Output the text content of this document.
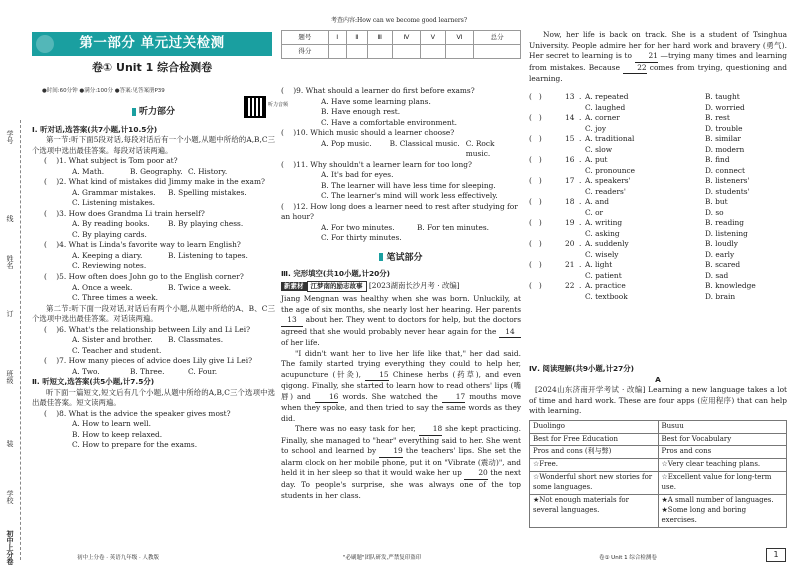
学号
线
姓名
订
班级
装
学校
初中上分卷
第一部分 单元过关检测
卷① Unit 1 综合检测卷
●时间:60分钟 ●满分:100分 ●答案:见答案册P39
听力音频
听力部分

Ⅰ. 听对话,选答案(共7小题,计10.5分)

第一节:听下面5段对话,每段对话后有一个小题,从题中所给的A,B,C三个选项中选出最佳答案。每段对话读两遍。

(    )1. What subject is Tom poor at?

A. Math.	B. Geography. C. History.

(    )2. What kind of mistakes did Jimmy make in the exam?

A. Grammar mistakes.	B. Spelling mistakes.
C. Listening mistakes.

(    )3. How does Grandma Li train herself?

A. By reading books.	B. By playing chess.
C. By playing cards.

(    )4. What is Linda's favorite way to learn English?

A. Keeping a diary.	B. Listening to tapes.
C. Reviewing notes.

(    )5. How often does John go to the English corner?

A. Once a week.	B. Twice a week.
C. Three times a week.

第二节:听下面一段对话,对话后有两个小题,从题中所给的A、B、C三个选项中选出最佳答案。对话读两遍。

(    )6. What's the relationship between Lily and Li Lei?

A. Sister and brother.	B. Classmates.
C. Teacher and student.

(    )7. How many pieces of advice does Lily give Li Lei?

A. Two.	B. Three.	C. Four.

Ⅱ. 听短文,选答案(共5小题,计7.5分)

听下面一篇短文,短文后有几个小题,从题中所给的A,B,C三个选项中选出最佳答案。短文读两遍。

(    )8. What is the advice the speaker gives most?

A. How to learn well.
B. How to keep relaxed.
C. How to prepare for the exams.
初中上分卷 · 英语九年级 · 人教版
考查内容:How can we become good learners?
题号	Ⅰ	Ⅱ	Ⅲ	Ⅳ	Ⅴ	Ⅵ	总分
得分							

(    )9. What should a learner do first before exams?

A. Have some learning plans.
B. Have enough rest.
C. Have a comfortable environment.

(    )10. Which music should a learner choose?

A. Pop music.	B. Classical music. C. Rock music.

(    )11. Why shouldn't a learner learn for too long?

A. It's bad for eyes.
B. The learner will have less time for sleeping.
C. The learner's mind will work less effectively.

(    )12. How long does a learner need to rest after studying for an hour?

A. For two minutes.	B. For ten minutes.
C. For thirty minutes.
笔试部分

Ⅲ. 完形填空(共10小题,计20分)

新素材 江梦南的励志故事 [2023湖南长沙月考 · 改编]

Jiang Mengnan was healthy when she was born. Unluckily, at the age of six months, she nearly lost her hearing. Her parents 13 about her. They went to doctors for help, but the doctors agreed that she would probably never hear again for the 14 of her life.

"I didn't want her to live her life like that," her dad said. The family started trying everything they could to help her, acupuncture (针灸), 15 Chinese herbs (药草), and even qigong. Finally, she started to learn how to read others' lips (嘴唇) and 16 words. She watched the 17 mouths move when they spoke, and then tried to say the same words as they did.

There was no easy task for her, 18 she kept practicing. Finally, she managed to "hear" everything said to her. She went to school and learned by 19 the teachers' lips. She set the alarm clock on her mobile phone, put it on "Vibrate (震动)", and held it in her sleep so that it would wake her up 20 the next day. To people's surprise, she was always one of the top students in her class.

"必刷题"团队研发,严禁复印盗印

Now, her life is back on track. She is a student of Tsinghua University. People admire her for her hard work and bravery (勇气). Her secret to learning is to 21 —trying many times and learning from mistakes. Because 22 comes from trying, questioning and learning.

(   )	13 . A. repeated	B. taught
C. laughed	D. worried
(   )	14 . A. corner	B. rest
C. joy	D. trouble
(   )	15 . A. traditional	B. similar
C. slow	D. modern
(   )	16 . A. put	B. find
C. pronounce	D. connect
(   )	17 . A. speakers'	B. listeners'
C. readers'	D. students'
(   )	18 . A. and	B. but
C. or	D. so
(   )	19 . A. writing	B. reading
C. asking	D. listening
(   )	20 . A. suddenly	B. loudly
C. wisely	D. early
(   )	21 . A. light	B. scared
C. patient	D. sad
(   )	22 . A. practice	B. knowledge
C. textbook	D. brain

Ⅳ. 阅读理解(共9小题,计27分)

A

[2024山东济南开学考试 · 改编] Learning a new language takes a lot of time and hard work. These are four apps (应用程序) that can help with learning.

Duolingo	Busuu
Best for Free Education	Best for Vocabulary
Pros and cons (利与弊)	Pros and cons
☆Free.	☆Very clear teaching plans.
☆Wonderful short new stories for some languages.	☆Excellent value for long-term use.
★Not enough materials for several languages.	★A small number of languages.
★Some long and boring exercises.
卷① Unit 1 综合检测卷	1
